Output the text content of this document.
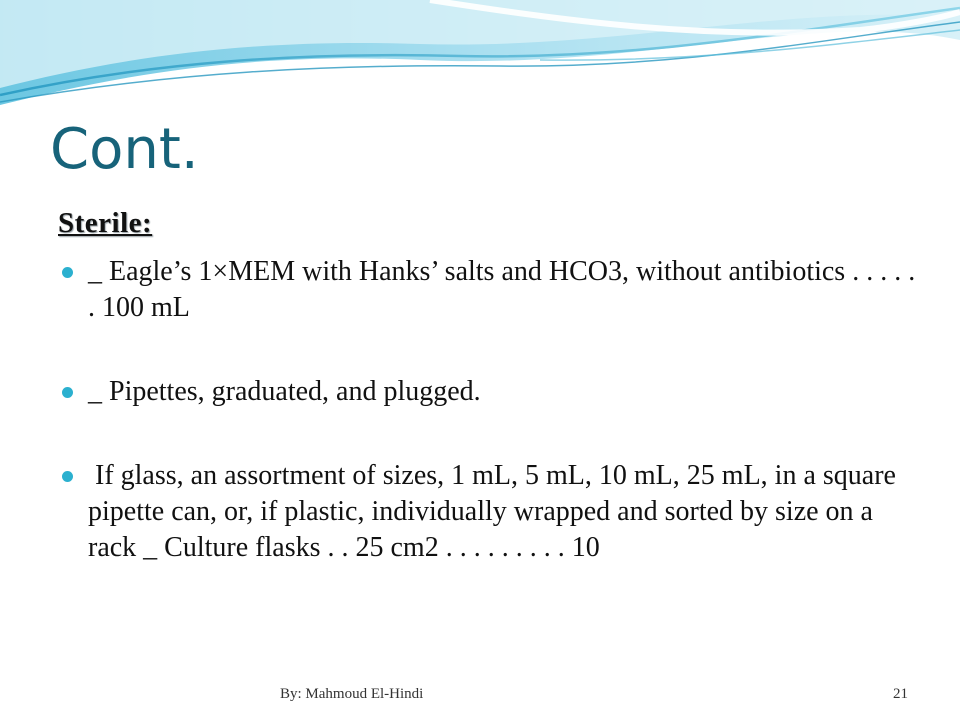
Cont.
Sterile:
_ Eagle’s 1×MEM with Hanks’ salts and HCO3, without antibiotics . . . . . . 100 mL
_ Pipettes, graduated, and plugged.
If glass, an assortment of sizes, 1 mL, 5 mL, 10 mL, 25 mL, in a square pipette can, or, if plastic, individually wrapped and sorted by size on a rack _ Culture flasks . . 25 cm2 . . . . . . . . . 10
By: Mahmoud El-Hindi	21
